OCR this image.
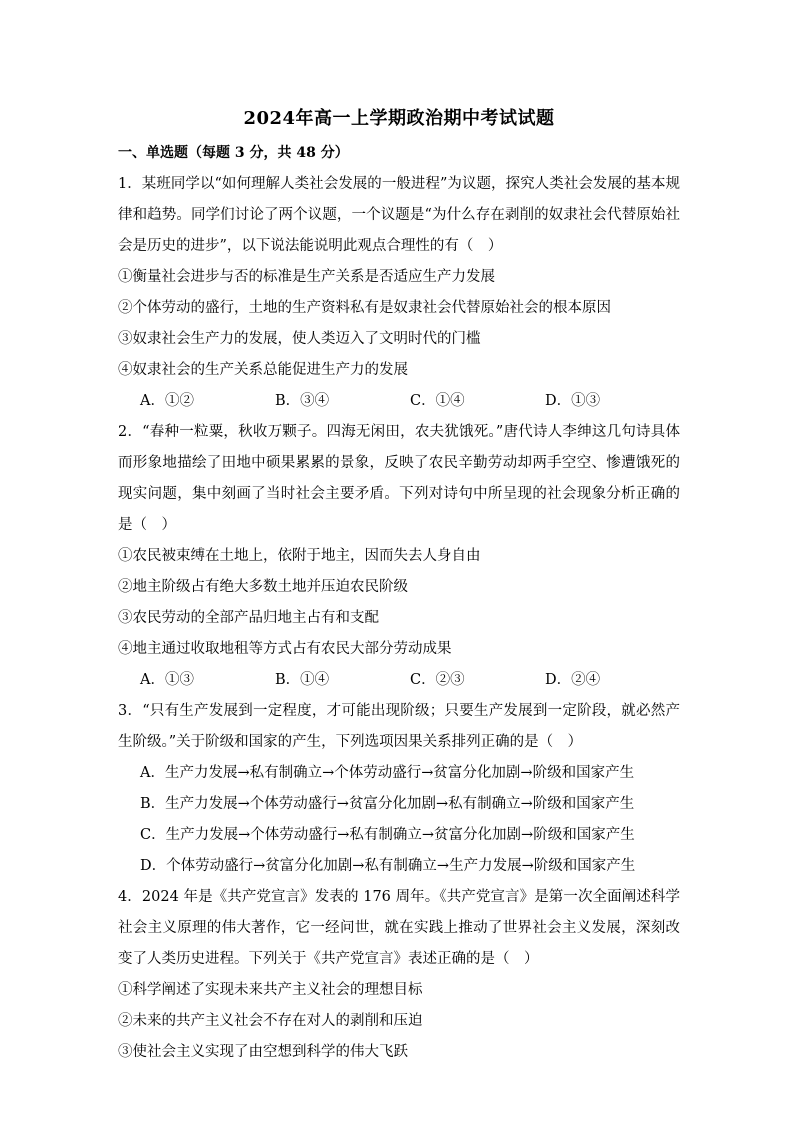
2024年高一上学期政治期中考试试题
一、单选题（每题 3 分，共 48 分）

1．某班同学以“如何理解人类社会发展的一般进程”为议题，探究人类社会发展的基本规律和趋势。同学们讨论了两个议题，一个议题是“为什么存在剥削的奴隶社会代替原始社会是历史的进步”，以下说法能说明此观点合理性的有（　）

①衡量社会进步与否的标准是生产关系是否适应生产力发展

②个体劳动的盛行，土地的生产资料私有是奴隶社会代替原始社会的根本原因

③奴隶社会生产力的发展，使人类迈入了文明时代的门槛

④奴隶社会的生产关系总能促进生产力的发展

A．①②	B．③④	C．①④	D．①③

2．“春种一粒粟，秋收万颗子。四海无闲田，农夫犹饿死。”唐代诗人李绅这几句诗具体而形象地描绘了田地中硕果累累的景象，反映了农民辛勤劳动却两手空空、惨遭饿死的现实问题，集中刻画了当时社会主要矛盾。下列对诗句中所呈现的社会现象分析正确的是（　）

①农民被束缚在土地上，依附于地主，因而失去人身自由

②地主阶级占有绝大多数土地并压迫农民阶级

③农民劳动的全部产品归地主占有和支配

④地主通过收取地租等方式占有农民大部分劳动成果

A．①③	B．①④	C．②③	D．②④

3．“只有生产发展到一定程度，才可能出现阶级；只要生产发展到一定阶段，就必然产生阶级。”关于阶级和国家的产生，下列选项因果关系排列正确的是（　）

A．生产力发展→私有制确立→个体劳动盛行→贫富分化加剧→阶级和国家产生

B．生产力发展→个体劳动盛行→贫富分化加剧→私有制确立→阶级和国家产生

C．生产力发展→个体劳动盛行→私有制确立→贫富分化加剧→阶级和国家产生

D．个体劳动盛行→贫富分化加剧→私有制确立→生产力发展→阶级和国家产生

4．2024 年是《共产党宣言》发表的 176 周年。《共产党宣言》是第一次全面阐述科学社会主义原理的伟大著作，它一经问世，就在实践上推动了世界社会主义发展，深刻改变了人类历史进程。下列关于《共产党宣言》表述正确的是（　）

①科学阐述了实现未来共产主义社会的理想目标

②未来的共产主义社会不存在对人的剥削和压迫

③使社会主义实现了由空想到科学的伟大飞跃
